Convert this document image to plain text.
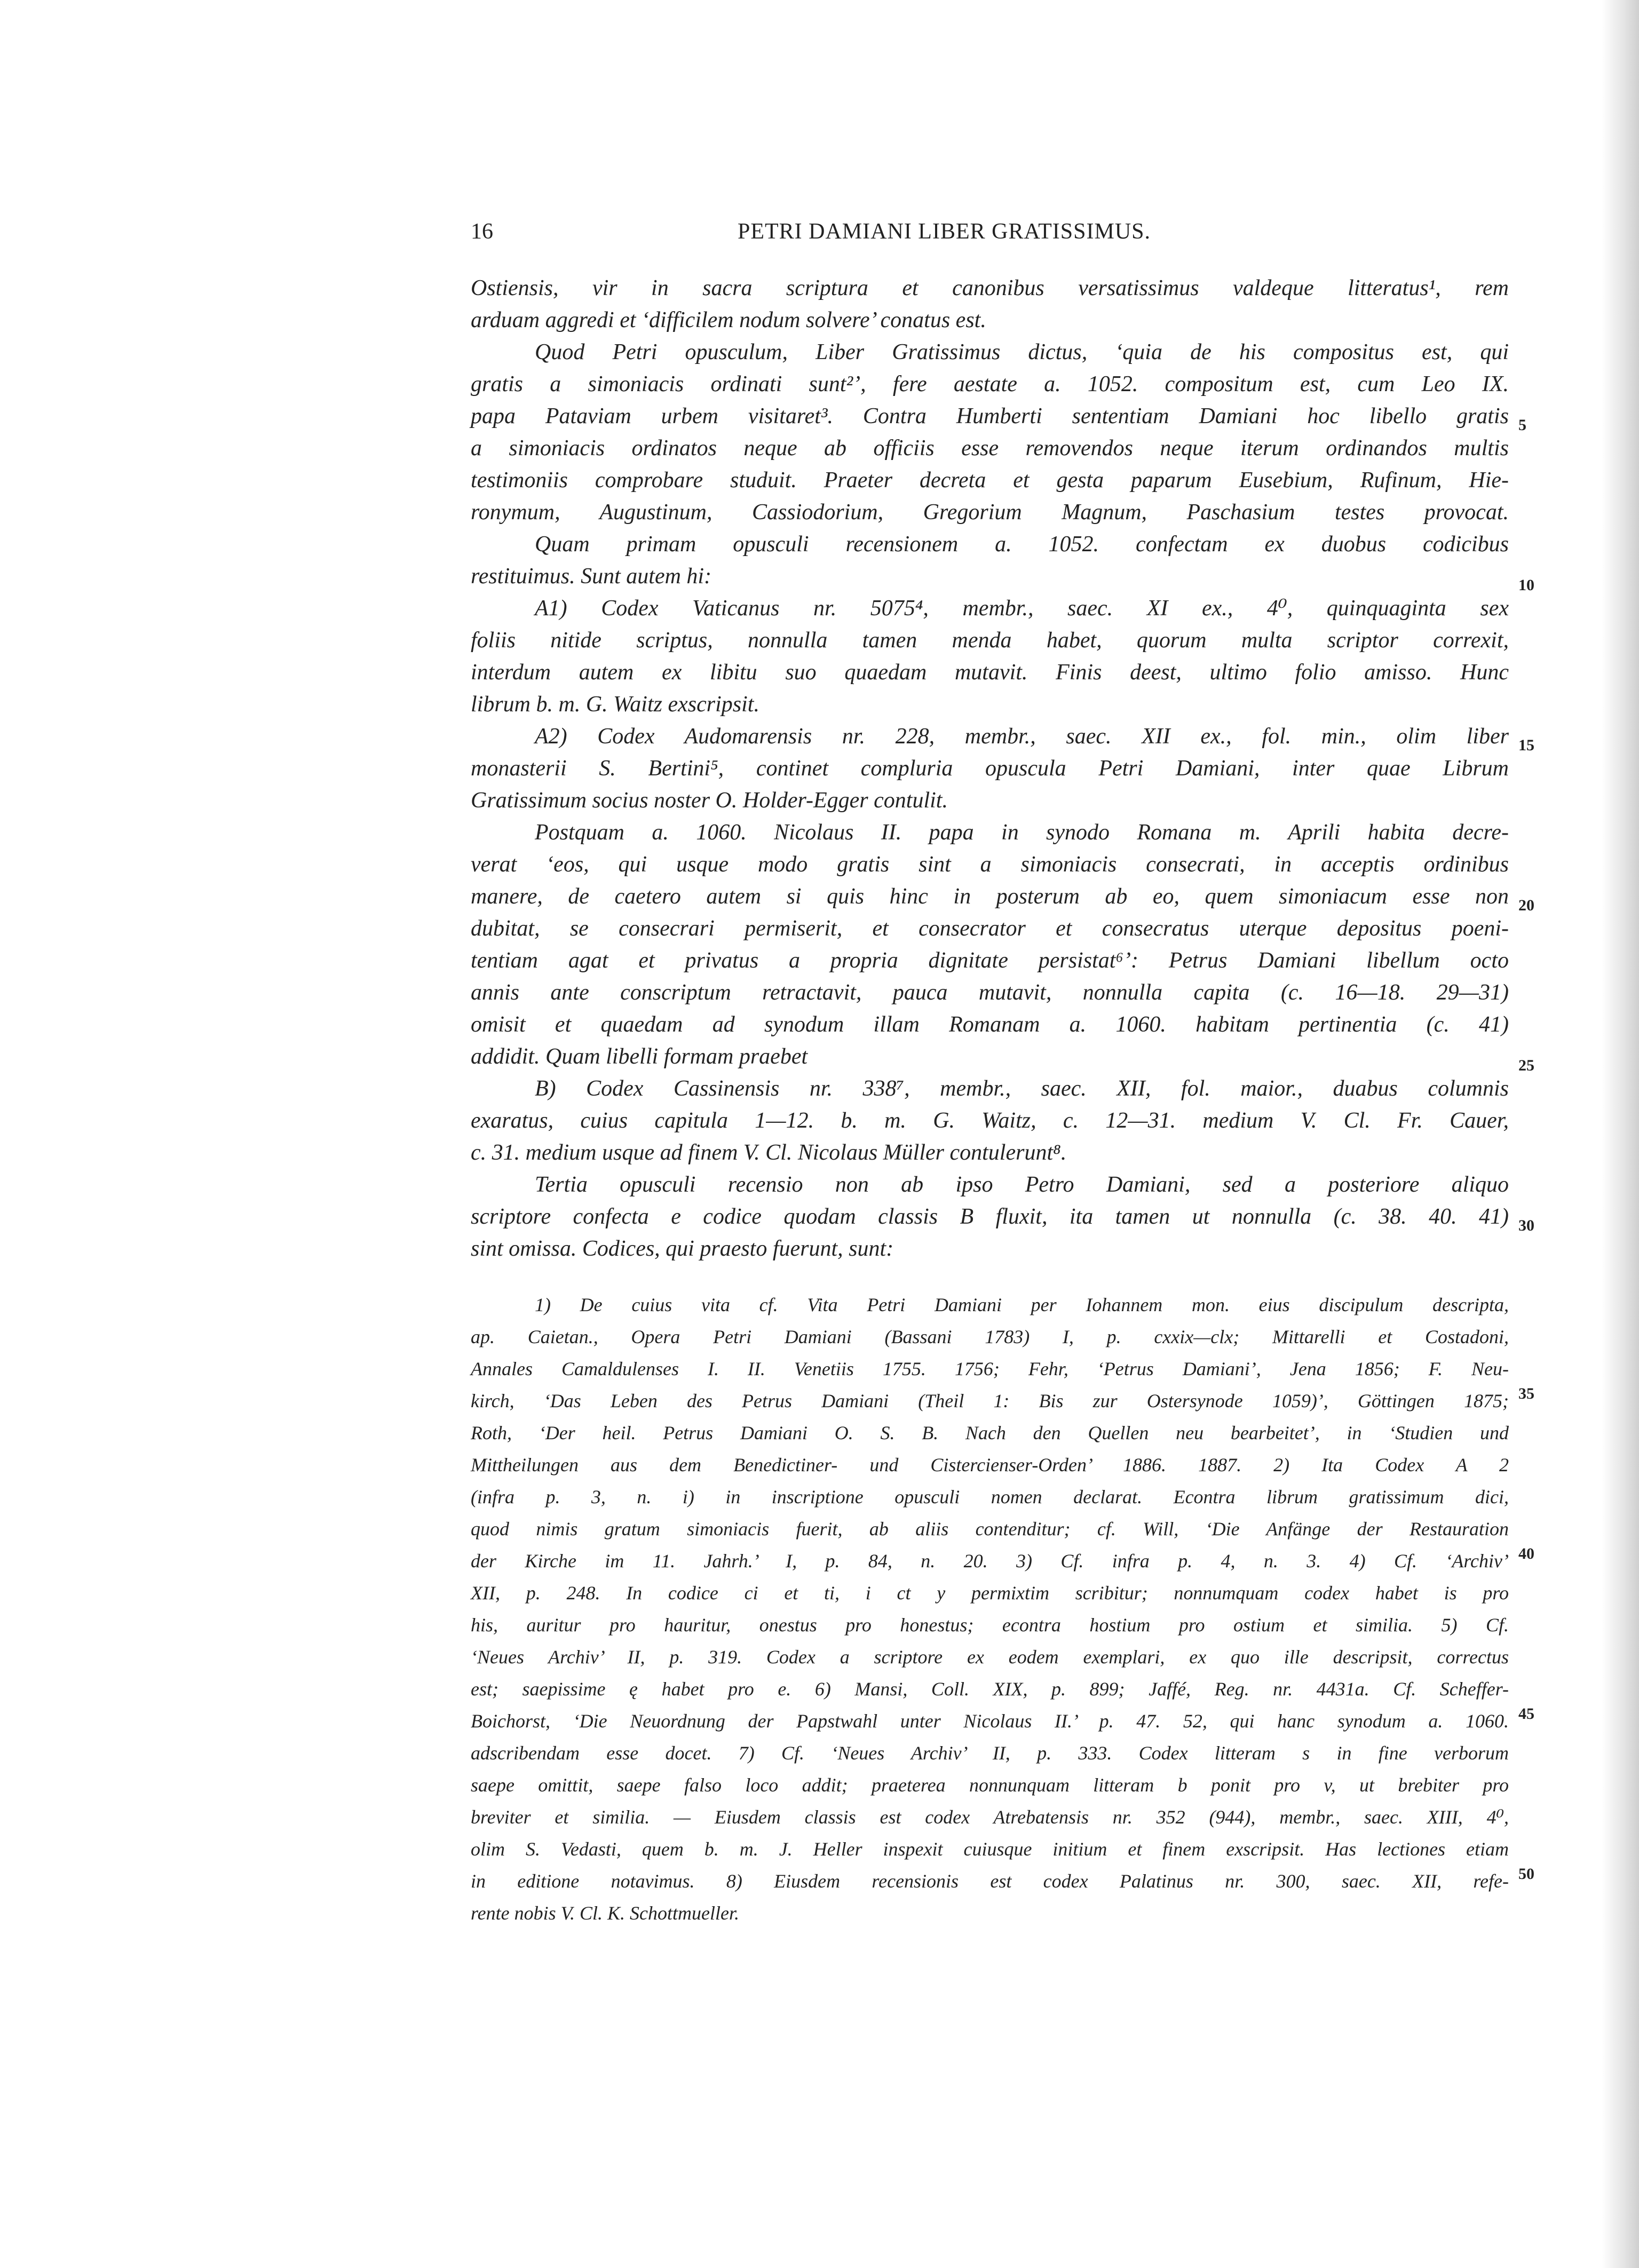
16	PETRI DAMIANI LIBER GRATISSIMUS.
Ostiensis, vir in sacra scriptura et canonibus versatissimus valdeque litteratus¹, rem
arduam aggredi et ‘difficilem nodum solvere’ conatus est.
Quod Petri opusculum, Liber Gratissimus dictus, ‘quia de his compositus est, qui
gratis a simoniacis ordinati sunt²’, fere aestate a. 1052. compositum est, cum Leo IX.
papa Pataviam urbem visitaret³. Contra Humberti sententiam Damiani hoc libello gratis
a simoniacis ordinatos neque ab officiis esse removendos neque iterum ordinandos multis
testimoniis comprobare studuit. Praeter decreta et gesta paparum Eusebium, Rufinum, Hie-
ronymum, Augustinum, Cassiodorium, Gregorium Magnum, Paschasium testes provocat.
Quam primam opusculi recensionem a. 1052. confectam ex duobus codicibus
restituimus. Sunt autem hi:
A1) Codex Vaticanus nr. 5075⁴, membr., saec. XI ex., 4⁰, quinquaginta sex
foliis nitide scriptus, nonnulla tamen menda habet, quorum multa scriptor correxit,
interdum autem ex libitu suo quaedam mutavit. Finis deest, ultimo folio amisso. Hunc
librum b. m. G. Waitz exscripsit.
A2) Codex Audomarensis nr. 228, membr., saec. XII ex., fol. min., olim liber
monasterii S. Bertini⁵, continet compluria opuscula Petri Damiani, inter quae Librum
Gratissimum socius noster O. Holder-Egger contulit.
Postquam a. 1060. Nicolaus II. papa in synodo Romana m. Aprili habita decre-
verat ‘eos, qui usque modo gratis sint a simoniacis consecrati, in acceptis ordinibus
manere, de caetero autem si quis hinc in posterum ab eo, quem simoniacum esse non
dubitat, se consecrari permiserit, et consecrator et consecratus uterque depositus poeni-
tentiam agat et privatus a propria dignitate persistat⁶’: Petrus Damiani libellum octo
annis ante conscriptum retractavit, pauca mutavit, nonnulla capita (c. 16—18. 29—31)
omisit et quaedam ad synodum illam Romanam a. 1060. habitam pertinentia (c. 41)
addidit. Quam libelli formam praebet
B) Codex Cassinensis nr. 338⁷, membr., saec. XII, fol. maior., duabus columnis
exaratus, cuius capitula 1—12. b. m. G. Waitz, c. 12—31. medium V. Cl. Fr. Cauer,
c. 31. medium usque ad finem V. Cl. Nicolaus Müller contulerunt⁸.
Tertia opusculi recensio non ab ipso Petro Damiani, sed a posteriore aliquo
scriptore confecta e codice quodam classis B fluxit, ita tamen ut nonnulla (c. 38. 40. 41)
sint omissa. Codices, qui praesto fuerunt, sunt:
5
10
15
20
25
30
1) De cuius vita cf. Vita Petri Damiani per Iohannem mon. eius discipulum descripta,
ap. Caietan., Opera Petri Damiani (Bassani 1783) I, p. cxxix—clx; Mittarelli et Costadoni,
Annales Camaldulenses I. II. Venetiis 1755. 1756; Fehr, ‘Petrus Damiani’, Jena 1856; F. Neu-
kirch, ‘Das Leben des Petrus Damiani (Theil 1: Bis zur Ostersynode 1059)’, Göttingen 1875;
Roth, ‘Der heil. Petrus Damiani O. S. B. Nach den Quellen neu bearbeitet’, in ‘Studien und
Mittheilungen aus dem Benedictiner- und Cistercienser-Orden’ 1886. 1887. 2) Ita Codex A 2
(infra p. 3, n. i) in inscriptione opusculi nomen declarat. Econtra librum gratissimum dici,
quod nimis gratum simoniacis fuerit, ab aliis contenditur; cf. Will, ‘Die Anfänge der Restauration
der Kirche im 11. Jahrh.’ I, p. 84, n. 20. 3) Cf. infra p. 4, n. 3. 4) Cf. ‘Archiv’
XII, p. 248. In codice ci et ti, i ct y permixtim scribitur; nonnumquam codex habet is pro
his, auritur pro hauritur, onestus pro honestus; econtra hostium pro ostium et similia. 5) Cf.
‘Neues Archiv’ II, p. 319. Codex a scriptore ex eodem exemplari, ex quo ille descripsit, correctus
est; saepissime ę habet pro e. 6) Mansi, Coll. XIX, p. 899; Jaffé, Reg. nr. 4431a. Cf. Scheffer-
Boichorst, ‘Die Neuordnung der Papstwahl unter Nicolaus II.’ p. 47. 52, qui hanc synodum a. 1060.
adscribendam esse docet. 7) Cf. ‘Neues Archiv’ II, p. 333. Codex litteram s in fine verborum
saepe omittit, saepe falso loco addit; praeterea nonnunquam litteram b ponit pro v, ut brebiter pro
breviter et similia. — Eiusdem classis est codex Atrebatensis nr. 352 (944), membr., saec. XIII, 4⁰,
olim S. Vedasti, quem b. m. J. Heller inspexit cuiusque initium et finem exscripsit. Has lectiones etiam
in editione notavimus. 8) Eiusdem recensionis est codex Palatinus nr. 300, saec. XII, refe-
rente nobis V. Cl. K. Schottmueller.
35
40
45
50
